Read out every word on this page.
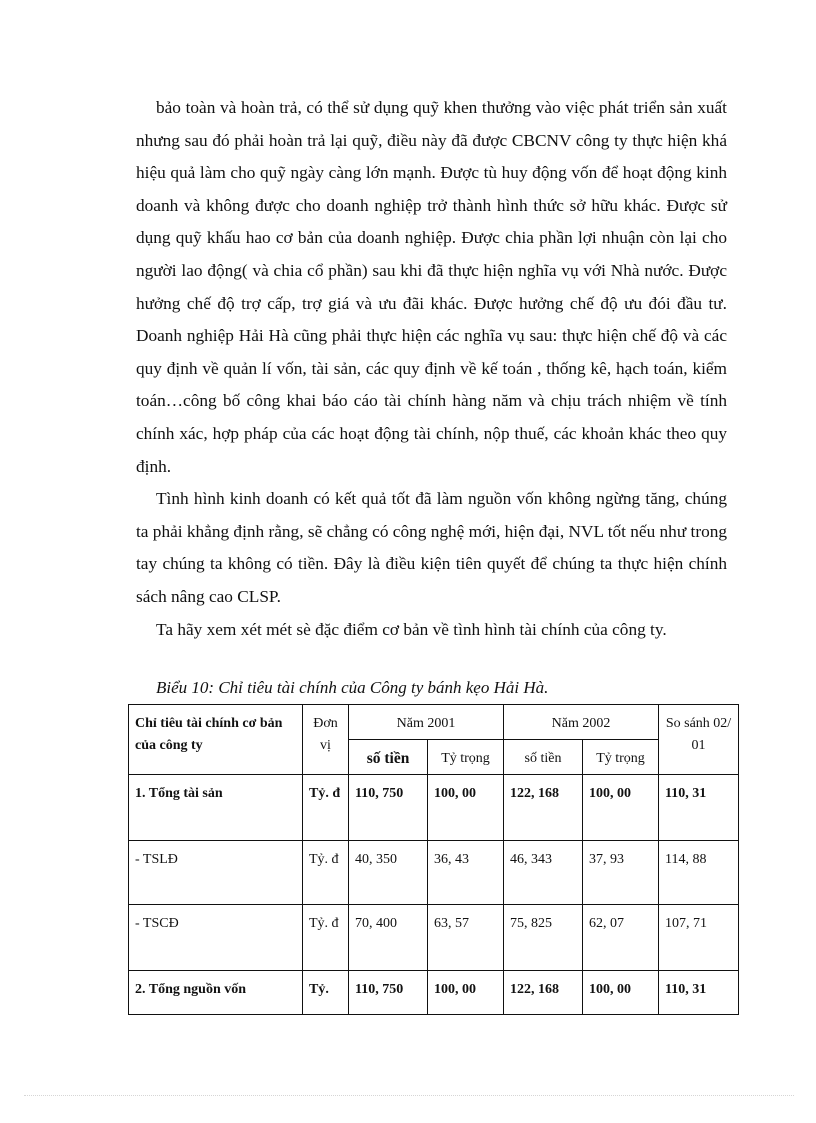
bảo toàn và hoàn trả, có thể sử dụng quỹ khen thưởng vào việc phát triển sản xuất nhưng sau đó phải hoàn trả lại quỹ, điều này đã được CBCNV công ty thực hiện khá hiệu quả làm cho quỹ ngày càng lớn mạnh. Được tù huy động vốn để hoạt động kinh doanh và không được cho doanh nghiệp trở thành hình thức sở hữu khác. Được sử dụng quỹ khấu hao cơ bản của doanh nghiệp. Được chia phần lợi nhuận còn lại cho người lao động( và chia cổ phần) sau khi đã thực hiện nghĩa vụ với Nhà nước. Được hưởng chế độ trợ cấp, trợ giá và ưu đãi khác. Được hưởng chế độ ưu đói đầu tư. Doanh nghiệp Hải Hà cũng phải thực hiện các nghĩa vụ sau: thực hiện chế độ và các quy định về quản lí vốn, tài sản, các quy định về kế toán , thống kê, hạch toán, kiểm toán…công bố công khai báo cáo tài chính hàng năm và chịu trách nhiệm về tính chính xác, hợp pháp của các hoạt động tài chính, nộp thuế, các khoản khác theo quy định.

Tình hình kinh doanh có kết quả tốt đã làm nguồn vốn không ngừng tăng, chúng ta phải khẳng định rằng, sẽ chẳng có công nghệ mới, hiện đại, NVL tốt nếu như trong tay chúng ta không có tiền. Đây là điều kiện tiên quyết để chúng ta thực hiện chính sách nâng cao CLSP.

Ta hãy xem xét mét sè đặc điểm cơ bản về tình hình tài chính của công ty.

Biểu 10: Chỉ tiêu tài chính của Công ty bánh kẹo Hải Hà.
Chỉ tiêu tài chính cơ bản của công ty	Đơn vị	Năm 2001		Năm 2002		So sánh 02/ 01
		số tiền	Tỷ trọng	số tiền	Tỷ trọng	
1. Tổng tài sản	Tỷ. đ	110, 750	100, 00	122, 168	100, 00	110, 31
- TSLĐ	Tỷ. đ	40, 350	36, 43	46, 343	37, 93	114, 88
- TSCĐ	Tỷ. đ	70, 400	63, 57	75, 825	62, 07	107, 71
2. Tổng nguồn vốn	Tỷ.	110, 750	100, 00	122, 168	100, 00	110, 31
